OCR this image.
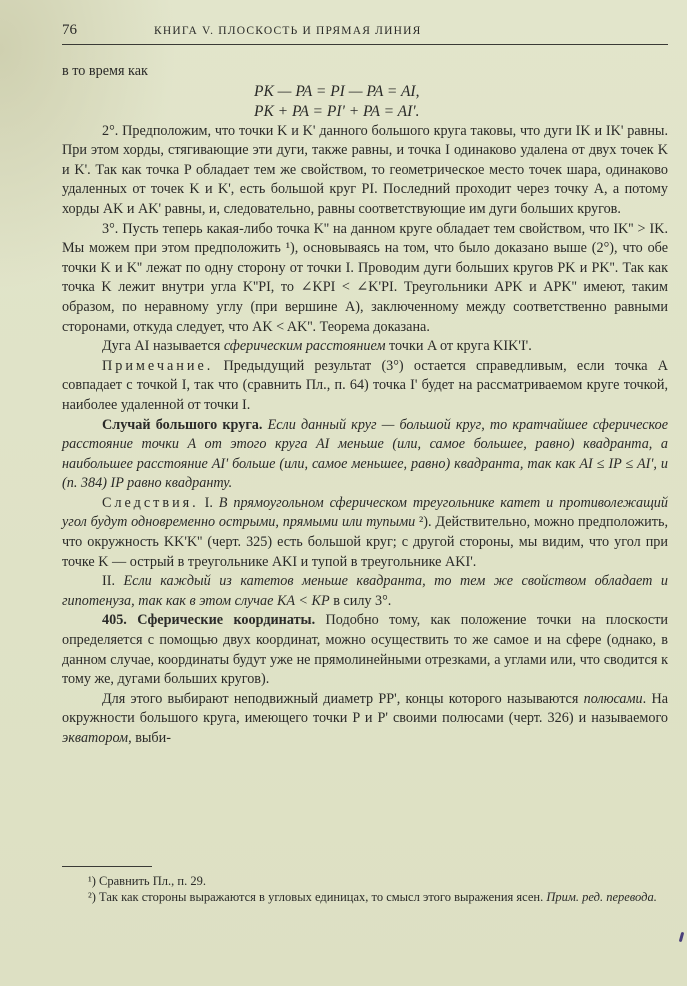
76	КНИГА V. ПЛОСКОСТЬ И ПРЯМАЯ ЛИНИЯ

в то время как

PK — PA = PI — PA = AI,

PK + PA = PI' + PA = AI'.

2°. Предположим, что точки K и K' данного большого круга таковы, что дуги IK и IK' равны. При этом хорды, стягивающие эти дуги, также равны, и точка I одинаково удалена от двух точек K и K'. Так как точка P обладает тем же свойством, то геометрическое место точек шара, одинаково удаленных от точек K и K', есть большой круг PI. Последний проходит через точку A, а потому хорды AK и AK' равны, и, следовательно, равны соответствующие им дуги больших кругов.

3°. Пусть теперь какая-либо точка K'' на данном круге обладает тем свойством, что IK'' > IK. Мы можем при этом предположить ¹), основываясь на том, что было доказано выше (2°), что обе точки K и K'' лежат по одну сторону от точки I. Проводим дуги больших кругов PK и PK''. Так как точка K лежит внутри угла K''PI, то ∠KPI < ∠K'PI. Треугольники APK и APK'' имеют, таким образом, по неравному углу (при вершине A), заключенному между соответственно равными сторонами, откуда следует, что AK < AK''. Теорема доказана.

Дуга AI называется сферическим расстоянием точки A от круга KIK'I'.

Примечание. Предыдущий результат (3°) остается справедливым, если точка A совпадает с точкой I, так что (сравнить Пл., п. 64) точка I' будет на рассматриваемом круге точкой, наиболее удаленной от точки I.

Случай большого круга. Если данный круг — большой круг, то кратчайшее сферическое расстояние точки A от этого круга AI меньше (или, самое большее, равно) квадранта, а наибольшее расстояние AI' больше (или, самое меньшее, равно) квадранта, так как AI ≤ IP ≤ AI', и (п. 384) IP равно квадранту.

Следствия. I. В прямоугольном сферическом треугольнике катет и противолежащий угол будут одновременно острыми, прямыми или тупыми ²). Действительно, можно предположить, что окружность KK'K'' (черт. 325) есть большой круг; с другой стороны, мы видим, что угол при точке K — острый в треугольнике AKI и тупой в треугольнике AKI'.

II. Если каждый из катетов меньше квадранта, то тем же свойством обладает и гипотенуза, так как в этом случае KA < KP в силу 3°.

405. Сферические координаты. Подобно тому, как положение точки на плоскости определяется с помощью двух координат, можно осуществить то же самое и на сфере (однако, в данном случае, координаты будут уже не прямолинейными отрезками, а углами или, что сводится к тому же, дугами больших кругов).

Для этого выбирают неподвижный диаметр PP', концы которого называются полюсами. На окружности большого круга, имеющего точки P и P' своими полюсами (черт. 326) и называемого экватором, выби-

¹) Сравнить Пл., п. 29.

²) Так как стороны выражаются в угловых единицах, то смысл этого выражения ясен. Прим. ред. перевода.
